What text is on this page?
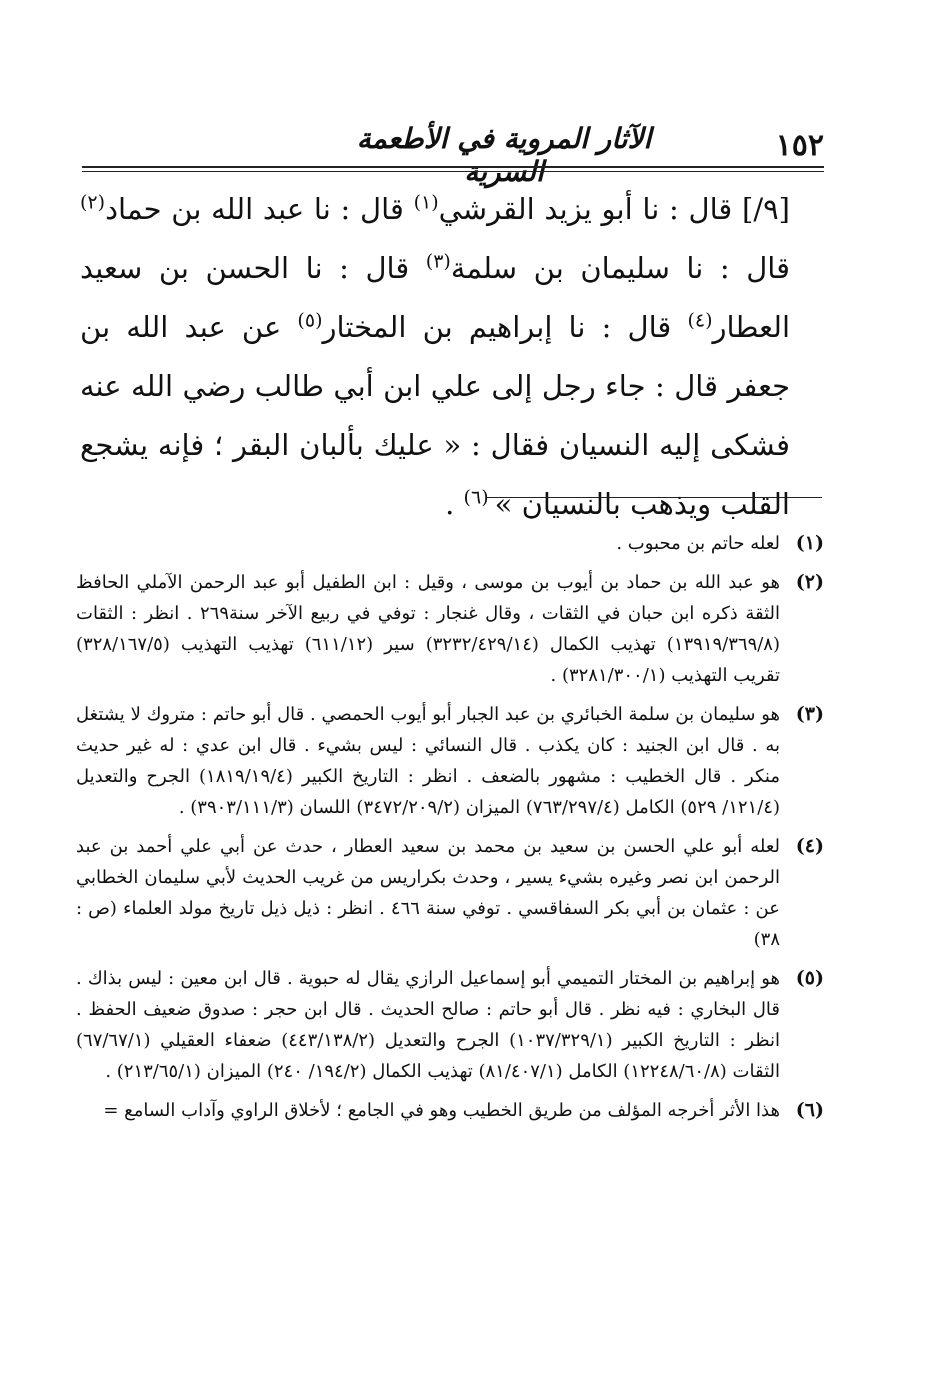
١٥٢
الآثار المروية في الأطعمة السرية
[٩/] قال : نا أبو يزيد القرشي$^{(١)}$ قال : نا عبد الله بن حماد$^{(٢)}$ قال : نا سليمان بن سلمة$^{(٣)}$ قال : نا الحسن بن سعيد العطار$^{(٤)}$ قال : نا إبراهيم بن المختار$^{(٥)}$ عن عبد الله بن جعفر قال : جاء رجل إلى علي ابن أبي طالب رضي الله عنه فشكى إليه النسيان فقال : « عليك بألبان البقر ؛ فإنه يشجع القلب ويذهب بالنسيان » $^{(٦)}$ .
(١)
لعله حاتم بن محبوب .
(٢)
هو عبد الله بن حماد بن أيوب بن موسى ، وقيل : ابن الطفيل أبو عبد الرحمن الآملي الحافظ الثقة ذكره ابن حبان في الثقات ، وقال غنجار : توفي في ربيع الآخر سنة٢٦٩ . انظر : الثقات (١٣٩١٩/٣٦٩/٨) تهذيب الكمال (٣٢٣٢/٤٢٩/١٤) سير (٦١١/١٢) تهذيب التهذيب (٣٢٨/١٦٧/٥) تقريب التهذيب (٣٢٨١/٣٠٠/١) .
(٣)
هو سليمان بن سلمة الخبائري بن عبد الجبار أبو أيوب الحمصي . قال أبو حاتم : متروك لا يشتغل به . قال ابن الجنيد : كان يكذب . قال النسائي : ليس بشيء . قال ابن عدي : له غير حديث منكر . قال الخطيب : مشهور بالضعف . انظر : التاريخ الكبير (١٨١٩/١٩/٤) الجرح والتعديل (١٢١/٤/ ٥٢٩) الكامل (٧٦٣/٢٩٧/٤) الميزان (٣٤٧٢/٢٠٩/٢) اللسان (٣٩٠٣/١١١/٣) .
(٤)
لعله أبو علي الحسن بن سعيد بن محمد بن سعيد العطار ، حدث عن أبي علي أحمد بن عبد الرحمن ابن نصر وغيره بشيء يسير ، وحدث بكراريس من غريب الحديث لأبي سليمان الخطابي عن : عثمان بن أبي بكر السفاقسي . توفي سنة ٤٦٦ . انظر : ذيل ذيل تاريخ مولد العلماء (ص : ٣٨)
(٥)
هو إبراهيم بن المختار التميمي أبو إسماعيل الرازي يقال له حبوية . قال ابن معين : ليس بذاك . قال البخاري : فيه نظر . قال أبو حاتم : صالح الحديث . قال ابن حجر : صدوق ضعيف الحفظ . انظر : التاريخ الكبير (١٠٣٧/٣٢٩/١) الجرح والتعديل (٤٤٣/١٣٨/٢) ضعفاء العقيلي (٦٧/٦٧/١) الثقات (١٢٢٤٨/٦٠/٨) الكامل (٨١/٤٠٧/١) تهذيب الكمال (١٩٤/٢/ ٢٤٠) الميزان (٢١٣/٦٥/١) .
(٦)
هذا الأثر أخرجه المؤلف من طريق الخطيب وهو في الجامع ؛ لأخلاق الراوي وآداب السامع =
